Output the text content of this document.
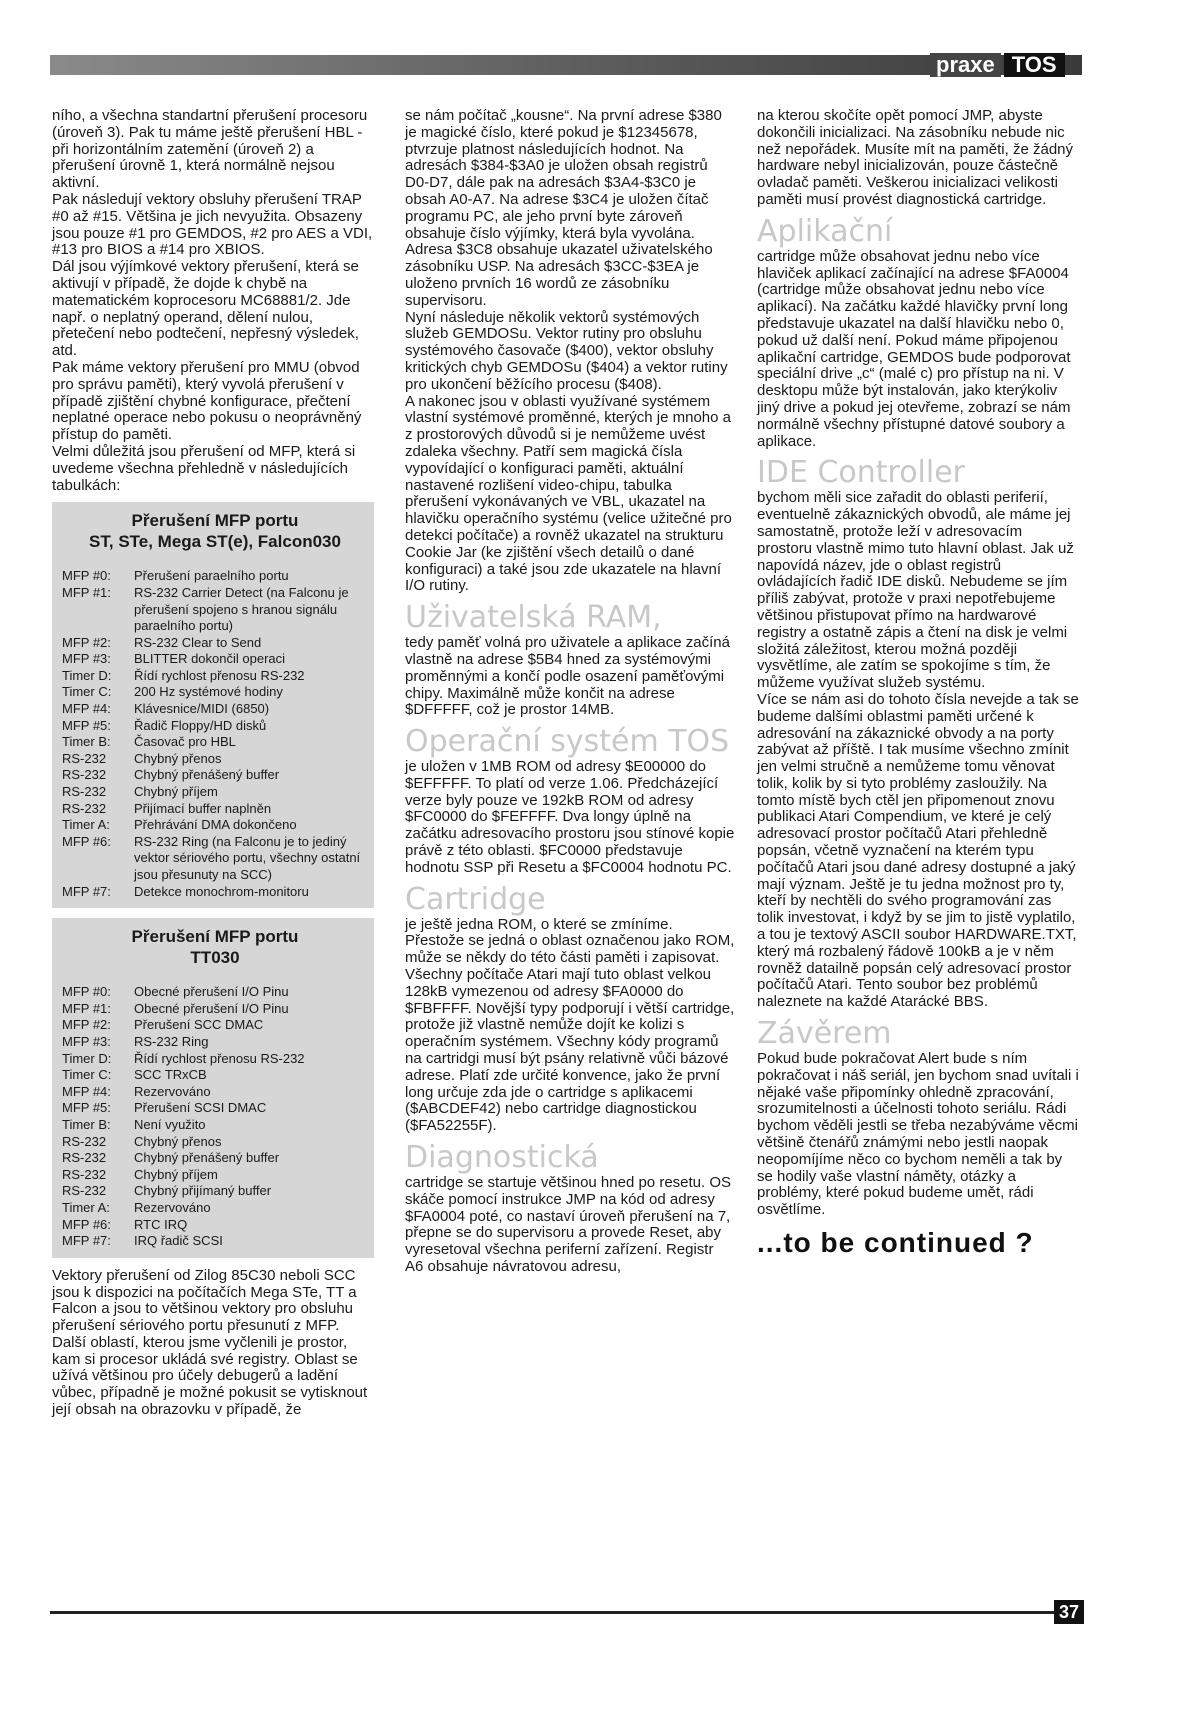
praxe TOS

ního, a všechna standartní přerušení procesoru (úroveň 3). Pak tu máme ještě přerušení HBL - při horizontálním zatemění (úroveň 2) a přerušení úrovně 1, která normálně nejsou aktivní.

Pak následují vektory obsluhy přerušení TRAP #0 až #15. Většina je jich nevyužita. Obsazeny jsou pouze #1 pro GEMDOS, #2 pro AES a VDI, #13 pro BIOS a #14 pro XBIOS.

Dál jsou výjímkové vektory přerušení, která se aktivují v případě, že dojde k chybě na matematickém koprocesoru MC68881/2. Jde např. o neplatný operand, dělení nulou, přetečení nebo podtečení, nepřesný výsledek, atd.

Pak máme vektory přerušení pro MMU (obvod pro správu paměti), který vyvolá přerušení v případě zjištění chybné konfigurace, přečtení neplatné operace nebo pokusu o neoprávněný přístup do paměti.

Velmi důležitá jsou přerušení od MFP, která si uvedeme všechna přehledně v následujících tabulkách:

Přerušení MFP portu
ST, STe, Mega ST(e), Falcon030
MFP #0:	Přerušení paraelního portu
MFP #1:	RS-232 Carrier Detect (na Falconu je přerušení spojeno s hranou signálu paraelního portu)
MFP #2:	RS-232 Clear to Send
MFP #3:	BLITTER dokončil operaci
Timer D:	Řídí rychlost přenosu RS-232
Timer C:	200 Hz systémové hodiny
MFP #4:	Klávesnice/MIDI (6850)
MFP #5:	Řadič Floppy/HD disků
Timer B:	Časovač pro HBL
RS-232	Chybný přenos
RS-232	Chybný přenášený buffer
RS-232	Chybný příjem
RS-232	Přijímací buffer naplněn
Timer A:	Přehrávání DMA dokončeno
MFP #6:	RS-232 Ring (na Falconu je to jediný vektor sériového portu, všechny ostatní jsou přesunuty na SCC)
MFP #7:	Detekce monochrom-monitoru
Přerušení MFP portu
TT030
MFP #0:	Obecné přerušení I/O Pinu
MFP #1:	Obecné přerušení I/O Pinu
MFP #2:	Přerušení SCC DMAC
MFP #3:	RS-232 Ring
Timer D:	Řídí rychlost přenosu RS-232
Timer C:	SCC TRxCB
MFP #4:	Rezervováno
MFP #5:	Přerušení SCSI DMAC
Timer B:	Není využito
RS-232	Chybný přenos
RS-232	Chybný přenášený buffer
RS-232	Chybný příjem
RS-232	Chybný přijímaný buffer
Timer A:	Rezervováno
MFP #6:	RTC IRQ
MFP #7:	IRQ řadič SCSI

Vektory přerušení od Zilog 85C30 neboli SCC jsou k dispozici na počítačích Mega STe, TT a Falcon a jsou to většinou vektory pro obsluhu přerušení sériového portu přesunutí z MFP.

Další oblastí, kterou jsme vyčlenili je prostor, kam si procesor ukládá své registry. Oblast se užívá většinou pro účely debugerů a ladění vůbec, případně je možné pokusit se vytisknout její obsah na obrazovku v případě, že

se nám počítač „kousne“. Na první adrese $380 je magické číslo, které pokud je $12345678, ptvrzuje platnost následujících hodnot. Na adresách $384-$3A0 je uložen obsah registrů D0-D7, dále pak na adresách $3A4-$3C0 je obsah A0-A7. Na adrese $3C4 je uložen čítač programu PC, ale jeho první byte zároveň obsahuje číslo výjímky, která byla vyvolána. Adresa $3C8 obsahuje ukazatel uživatelského zásobníku USP. Na adresách $3CC-$3EA je uloženo prvních 16 wordů ze zásobníku supervisoru.

Nyní následuje několik vektorů systémových služeb GEMDOSu. Vektor rutiny pro obsluhu systémového časovače ($400), vektor obsluhy kritických chyb GEMDOSu ($404) a vektor rutiny pro ukončení běžícího procesu ($408).

A nakonec jsou v oblasti využívané systémem vlastní systémové proměnné, kterých je mnoho a z prostorových důvodů si je nemůžeme uvést zdaleka všechny. Patří sem magická čísla vypovídající o konfiguraci paměti, aktuální nastavené rozlišení video-chipu, tabulka přerušení vykonávaných ve VBL, ukazatel na hlavičku operačního systému (velice užitečné pro detekci počítače) a rovněž ukazatel na strukturu Cookie Jar (ke zjištění všech detailů o dané konfiguraci) a také jsou zde ukazatele na hlavní I/O rutiny.

Uživatelská RAM,

tedy paměť volná pro uživatele a aplikace začíná vlastně na adrese $5B4 hned za systémovými proměnnými a končí podle osazení paměťovými chipy. Maximálně může končit na adrese $DFFFFF, což je prostor 14MB.

Operační systém TOS

je uložen v 1MB ROM od adresy $E00000 do $EFFFFF. To platí od verze 1.06. Předcházející verze byly pouze ve 192kB ROM od adresy $FC0000 do $FEFFFF. Dva longy úplně na začátku adresovacího prostoru jsou stínové kopie právě z této oblasti. $FC0000 představuje hodnotu SSP při Resetu a $FC0004 hodnotu PC.

Cartridge

je ještě jedna ROM, o které se zmíníme. Přestože se jedná o oblast označenou jako ROM, může se někdy do této části paměti i zapisovat. Všechny počítače Atari mají tuto oblast velkou 128kB vymezenou od adresy $FA0000 do $FBFFFF. Novější typy podporují i větší cartridge, protože již vlastně nemůže dojít ke kolizi s operačním systémem. Všechny kódy programů na cartridgi musí být psány relativně vůči bázové adrese. Platí zde určité konvence, jako že první long určuje zda jde o cartridge s aplikacemi ($ABCDEF42) nebo cartridge diagnostickou ($FA52255F).

Diagnostická

cartridge se startuje většinou hned po resetu. OS skáče pomocí instrukce JMP na kód od adresy $FA0004 poté, co nastaví úroveň přerušení na 7, přepne se do supervisoru a provede Reset, aby vyresetoval všechna periferní zařízení. Registr A6 obsahuje návratovou adresu,

na kterou skočíte opět pomocí JMP, abyste dokončili inicializaci. Na zásobníku nebude nic než nepořádek. Musíte mít na paměti, že žádný hardware nebyl inicializován, pouze částečně ovladač paměti. Veškerou inicializaci velikosti paměti musí provést diagnostická cartridge.

Aplikační

cartridge může obsahovat jednu nebo více hlaviček aplikací začínající na adrese $FA0004 (cartridge může obsahovat jednu nebo více aplikací). Na začátku každé hlavičky první long představuje ukazatel na další hlavičku nebo 0, pokud už další není. Pokud máme připojenou aplikační cartridge, GEMDOS bude podporovat speciální drive „c“ (malé c) pro přístup na ni. V desktopu může být instalován, jako kterýkoliv jiný drive a pokud jej otevřeme, zobrazí se nám normálně všechny přístupné datové soubory a aplikace.

IDE Controller

bychom měli sice zařadit do oblasti periferií, eventuelně zákaznických obvodů, ale máme jej samostatně, protože leží v adresovacím prostoru vlastně mimo tuto hlavní oblast. Jak už napovídá název, jde o oblast registrů ovládajících řadič IDE disků. Nebudeme se jím příliš zabývat, protože v praxi nepotřebujeme většinou přistupovat přímo na hardwarové registry a ostatně zápis a čtení na disk je velmi složitá záležitost, kterou možná později vysvětlíme, ale zatím se spokojíme s tím, že můžeme využívat služeb systému.

Více se nám asi do tohoto čísla nevejde a tak se budeme dalšími oblastmi paměti určené k adresování na zákaznické obvody a na porty zabývat až příště. I tak musíme všechno zmínit jen velmi stručně a nemůžeme tomu věnovat tolik, kolik by si tyto problémy zasloužily. Na tomto místě bych ctěl jen připomenout znovu publikaci Atari Compendium, ve které je celý adresovací prostor počítačů Atari přehledně popsán, včetně vyznačení na kterém typu počítačů Atari jsou dané adresy dostupné a jaký mají význam. Ještě je tu jedna možnost pro ty, kteří by nechtěli do svého programování zas tolik investovat, i když by se jim to jistě vyplatilo, a tou je textový ASCII soubor HARDWARE.TXT, který má rozbalený řádově 100kB a je v něm rovněž datailně popsán celý adresovací prostor počítačů Atari. Tento soubor bez problémů naleznete na každé Atarácké BBS.

Závěrem

Pokud bude pokračovat Alert bude s ním pokračovat i náš seriál, jen bychom snad uvítali i nějaké vaše připomínky ohledně zpracování, srozumitelnosti a účelnosti tohoto seriálu. Rádi bychom věděli jestli se třeba nezabýváme věcmi většině čtenářů známými nebo jestli naopak neopomíjíme něco co bychom neměli a tak by se hodily vaše vlastní náměty, otázky a problémy, které pokud budeme umět, rádi osvětlíme.

...to be continued ?
37
